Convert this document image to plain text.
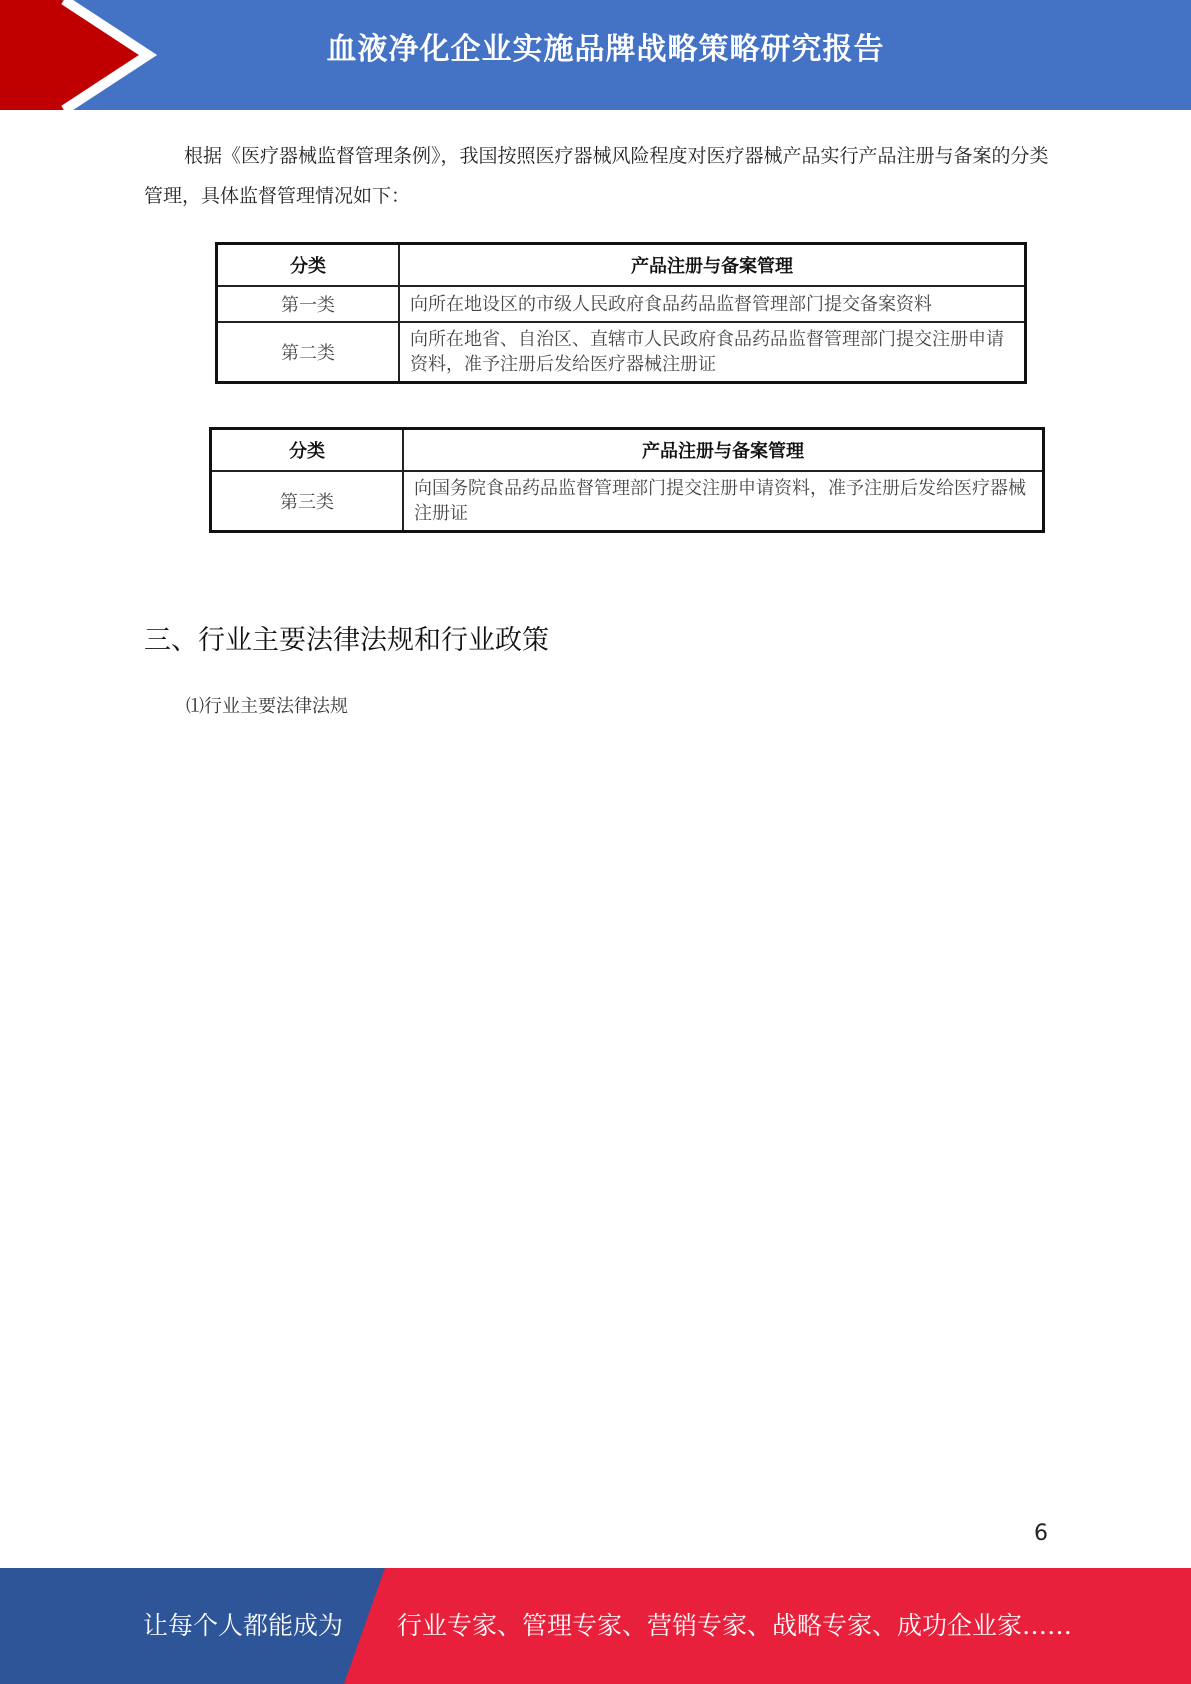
血液净化企业实施品牌战略策略研究报告

根据《医疗器械监督管理条例》，我国按照医疗器械风险程度对医疗器械产品实行产品注册与备案的分类管理，具体监督管理情况如下：

分类	产品注册与备案管理
第一类	向所在地设区的市级人民政府食品药品监督管理部门提交备案资料
第二类	向所在地省、自治区、直辖市人民政府食品药品监督管理部门提交注册申请资料，准予注册后发给医疗器械注册证
分类	产品注册与备案管理
第三类	向国务院食品药品监督管理部门提交注册申请资料，准予注册后发给医疗器械注册证
三、行业主要法律法规和行业政策

⑴行业主要法律法规

6
让每个人都能成为 行业专家、管理专家、营销专家、战略专家、成功企业家……
